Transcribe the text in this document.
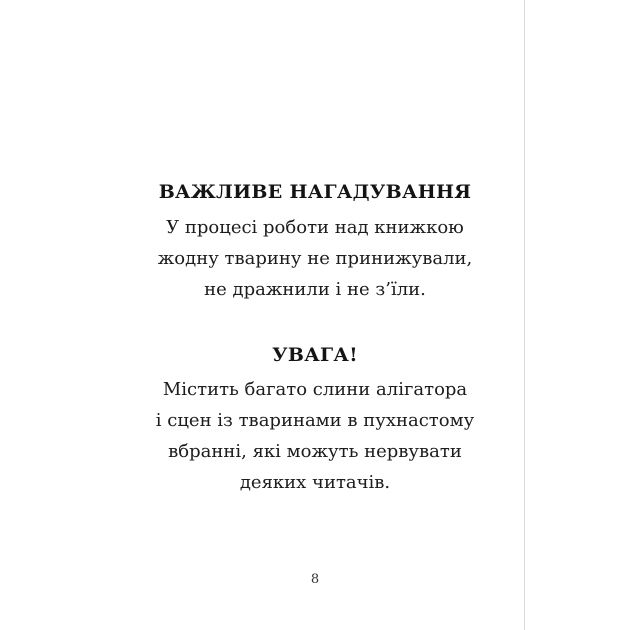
ВАЖЛИВЕ НАГАДУВАННЯ
У процесі роботи над книжкою
жодну тварину не принижували,
не дражнили і не з’їли.
УВАГА!
Містить багато слини алігатора
і сцен із тваринами в пухнастому
вбранні, які можуть нервувати
деяких читачів.
8
